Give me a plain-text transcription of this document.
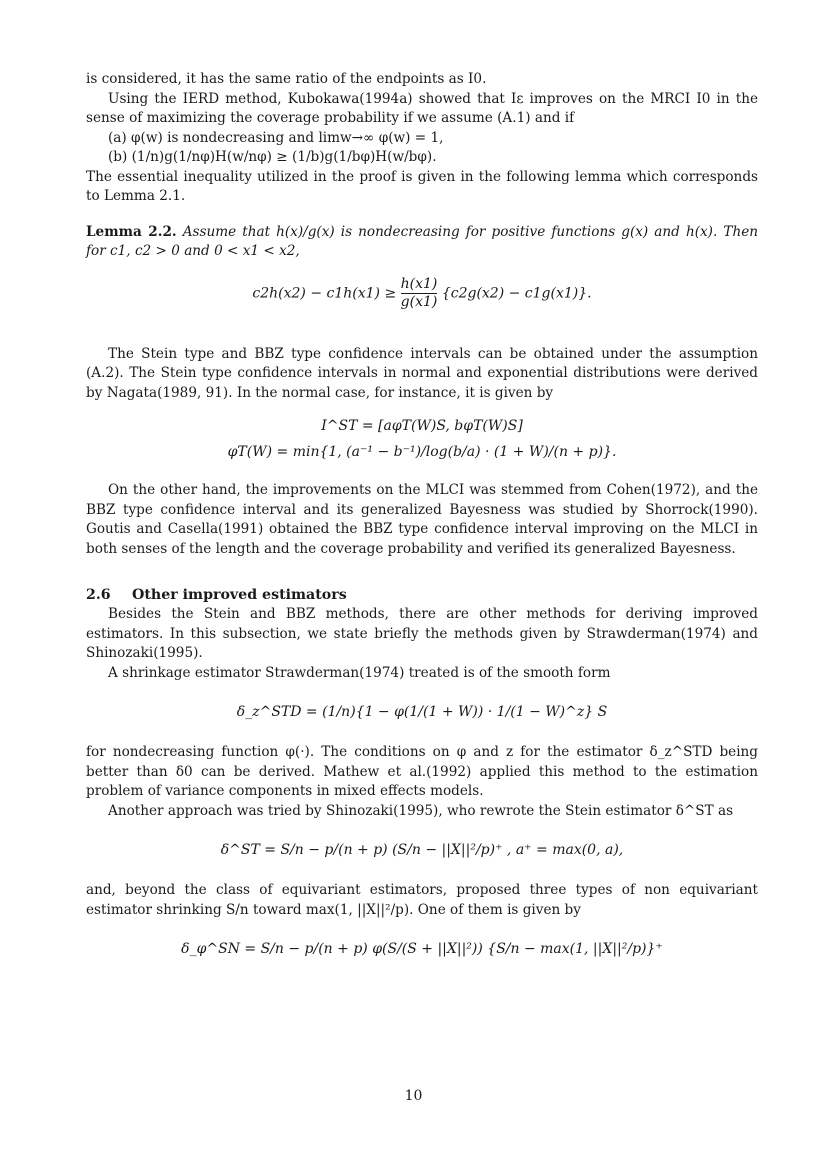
is considered, it has the same ratio of the endpoints as I0.

Using the IERD method, Kubokawa(1994a) showed that Iε improves on the MRCI I0 in the sense of maximizing the coverage probability if we assume (A.1) and if

(a) φ(w) is nondecreasing and limw→∞ φ(w) = 1,

(b) (1/n)g(1/nφ)H(w/nφ) ≥ (1/b)g(1/bφ)H(w/bφ).

The essential inequality utilized in the proof is given in the following lemma which corresponds to Lemma 2.1.

Lemma 2.2. Assume that h(x)/g(x) is nondecreasing for positive functions g(x) and h(x). Then for c1, c2 > 0 and 0 < x1 < x2,

$c2h(x2) - c1h(x1) \ge \frac{h(x1)}{g(x1)} \{c2g(x2) - c1g(x1)\}$.

The Stein type and BBZ type confidence intervals can be obtained under the assumption (A.2). The Stein type confidence intervals in normal and exponential distributions were derived by Nagata(1989, 91). In the normal case, for instance, it is given by

I^ST = [aφT(W)S, bφT(W)S]
φT(W) = min{1, (a⁻¹ − b⁻¹)/log(b/a) · (1 + W)/(n + p)}.

On the other hand, the improvements on the MLCI was stemmed from Cohen(1972), and the BBZ type confidence interval and its generalized Bayesness was studied by Shorrock(1990). Goutis and Casella(1991) obtained the BBZ type confidence interval improving on the MLCI in both senses of the length and the coverage probability and verified its generalized Bayesness.

2.6 Other improved estimators

Besides the Stein and BBZ methods, there are other methods for deriving improved estimators. In this subsection, we state briefly the methods given by Strawderman(1974) and Shinozaki(1995).

A shrinkage estimator Strawderman(1974) treated is of the smooth form

δ_z^STD = (1/n){1 − φ(1/(1 + W)) · 1/(1 − W)^z} S

for nondecreasing function φ(·). The conditions on φ and z for the estimator δ_z^STD being better than δ0 can be derived. Mathew et al.(1992) applied this method to the estimation problem of variance components in mixed effects models.

Another approach was tried by Shinozaki(1995), who rewrote the Stein estimator δ^ST as

δ^ST = S/n − p/(n + p) (S/n − ||X||²/p)⁺ , a⁺ = max(0, a),

and, beyond the class of equivariant estimators, proposed three types of non equivariant estimator shrinking S/n toward max(1, ||X||²/p). One of them is given by

δ_φ^SN = S/n − p/(n + p) φ(S/(S + ||X||²)) {S/n − max(1, ||X||²/p)}⁺
10
